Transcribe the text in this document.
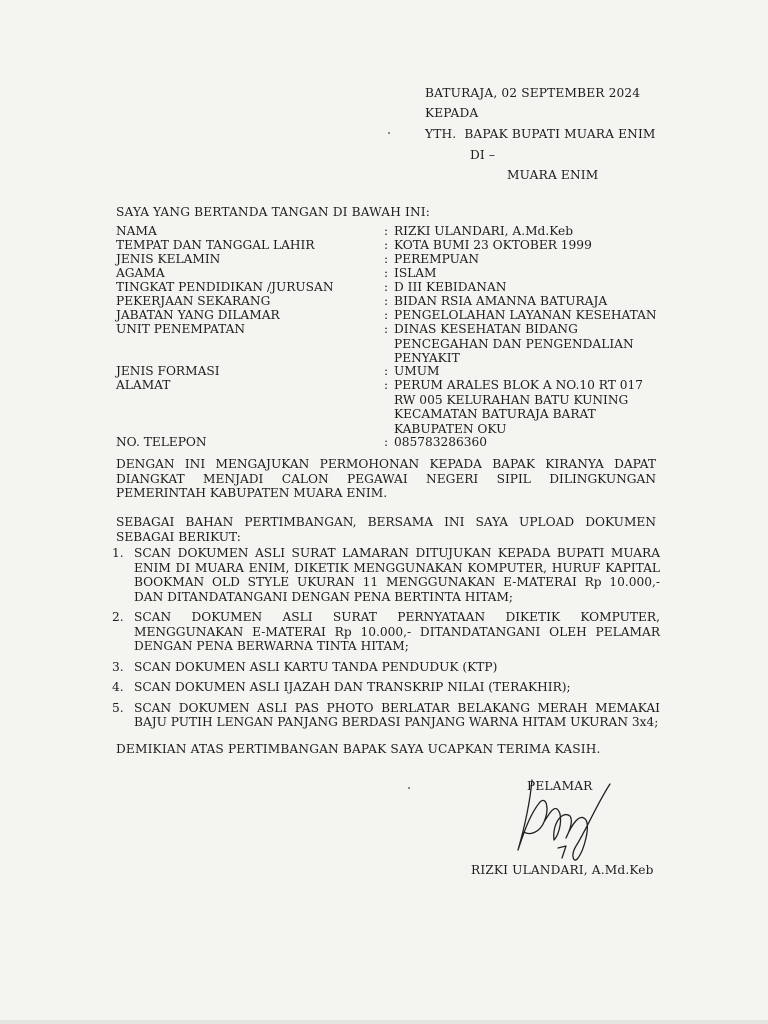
BATURAJA, 02 SEPTEMBER 2024
KEPADA
YTH.  BAPAK BUPATI MUARA ENIM
DI –
MUARA ENIM
SAYA YANG BERTANDA TANGAN DI BAWAH INI:
NAMA	: RIZKI ULANDARI, A.Md.Keb
TEMPAT DAN TANGGAL LAHIR	: KOTA BUMI 23 OKTOBER 1999
JENIS KELAMIN	: PEREMPUAN
AGAMA	: ISLAM
TINGKAT PENDIDIKAN /JURUSAN	: D III KEBIDANAN
PEKERJAAN SEKARANG	: BIDAN RSIA AMANNA BATURAJA
JABATAN YANG DILAMAR	: PENGELOLAHAN LAYANAN KESEHATAN
UNIT PENEMPATAN	: DINAS KESEHATAN BIDANG
PENCEGAHAN DAN PENGENDALIAN
PENYAKIT
JENIS FORMASI	: UMUM
ALAMAT	: PERUM ARALES BLOK A NO.10 RT 017
RW 005 KELURAHAN BATU KUNING
KECAMATAN BATURAJA BARAT
KABUPATEN OKU
NO. TELEPON	: 085783286360
DENGAN INI MENGAJUKAN PERMOHONAN KEPADA BAPAK KIRANYA DAPAT DIANGKAT MENJADI CALON PEGAWAI NEGERI SIPIL DILINGKUNGAN PEMERINTAH KABUPATEN MUARA ENIM.
SEBAGAI BAHAN PERTIMBANGAN, BERSAMA INI SAYA UPLOAD DOKUMEN SEBAGAI BERIKUT:
1. SCAN DOKUMEN ASLI SURAT LAMARAN DITUJUKAN KEPADA BUPATI MUARA ENIM DI MUARA ENIM, DIKETIK MENGGUNAKAN KOMPUTER, HURUF KAPITAL BOOKMAN OLD STYLE UKURAN 11 MENGGUNAKAN E-MATERAI Rp 10.000,- DAN DITANDATANGANI DENGAN PENA BERTINTA HITAM;
2. SCAN DOKUMEN ASLI SURAT PERNYATAAN DIKETIK KOMPUTER, MENGGUNAKAN E-MATERAI Rp 10.000,- DITANDATANGANI OLEH PELAMAR DENGAN PENA BERWARNA TINTA HITAM;
3. SCAN DOKUMEN ASLI KARTU TANDA PENDUDUK (KTP)
4. SCAN DOKUMEN ASLI IJAZAH DAN TRANSKRIP NILAI (TERAKHIR);
5. SCAN DOKUMEN ASLI PAS PHOTO BERLATAR BELAKANG MERAH MEMAKAI BAJU PUTIH LENGAN PANJANG BERDASI PANJANG WARNA HITAM UKURAN 3x4;
DEMIKIAN ATAS PERTIMBANGAN BAPAK SAYA UCAPKAN TERIMA KASIH.
PELAMAR
RIZKI ULANDARI, A.Md.Keb
